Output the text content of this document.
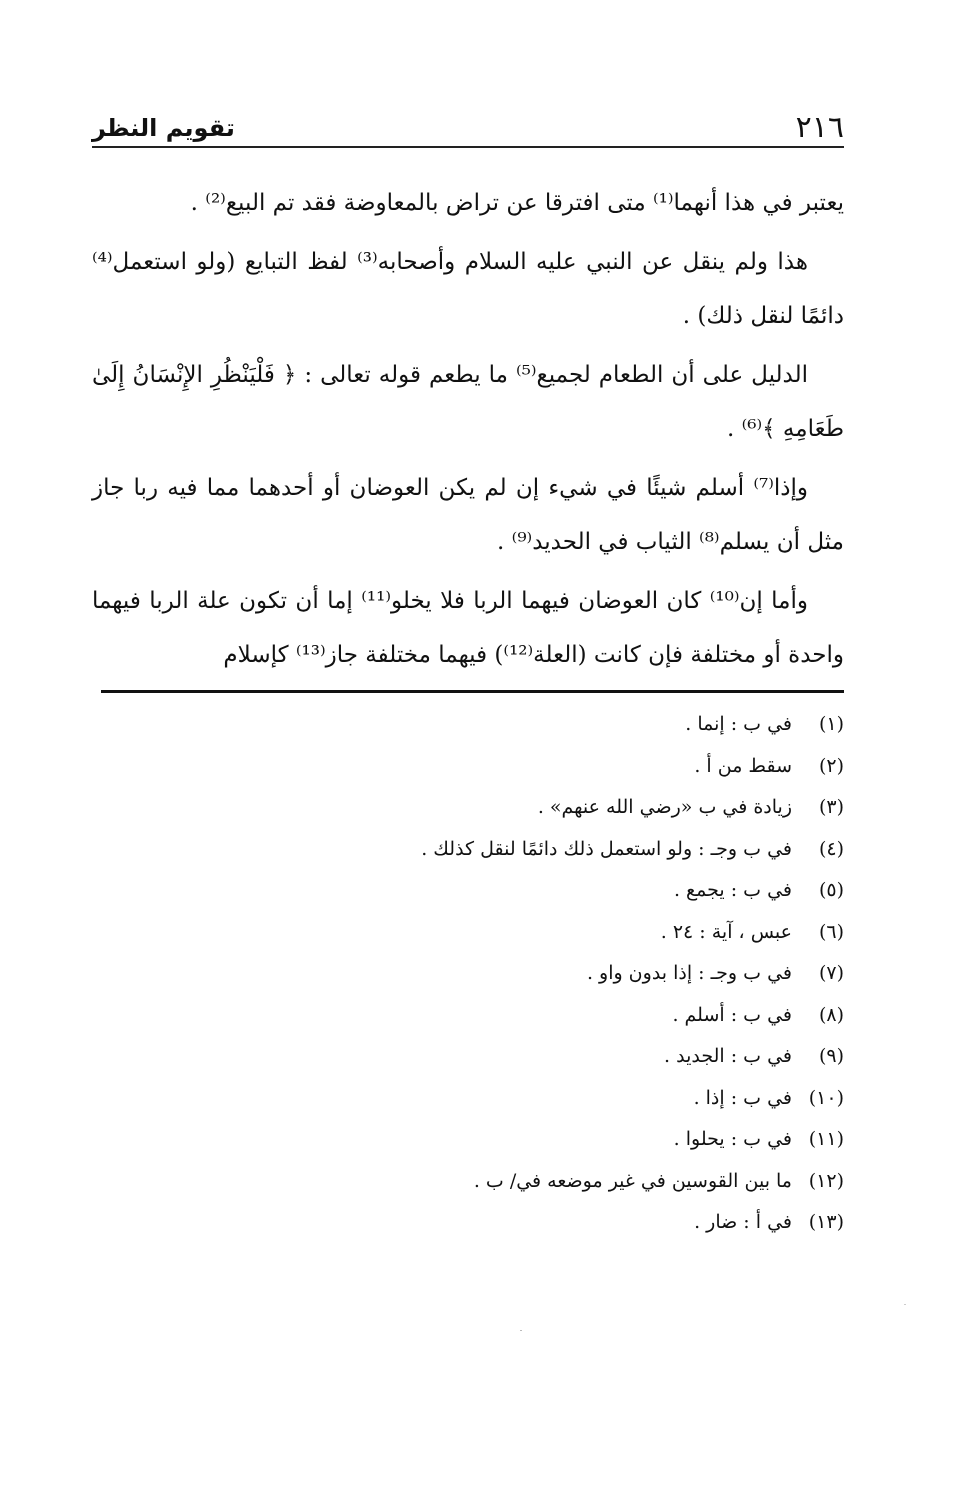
٢١٦
تقويم النظر

يعتبر في هذا أنهما⁽¹⁾ متى افترقا عن تراض بالمعاوضة فقد تم البيع⁽²⁾ .

هذا ولم ينقل عن النبي عليه السلام وأصحابه⁽³⁾ لفظ التبايع (ولو استعمل⁽⁴⁾ دائمًا لنقل ذلك) .

الدليل على أن الطعام لجميع⁽⁵⁾ ما يطعم قوله تعالى : ﴿ فَلْيَنْظُرِ الإِنْسَانُ إِلَىٰ طَعَامِهِ ﴾⁽⁶⁾ .

وإذا⁽⁷⁾ أسلم شيئًا في شيء إن لم يكن العوضان أو أحدهما مما فيه ربا جاز مثل أن يسلم⁽⁸⁾ الثياب في الحديد⁽⁹⁾ .

وأما إن⁽¹⁰⁾ كان العوضان فيهما الربا فلا يخلو⁽¹¹⁾ إما أن تكون علة الربا فيهما واحدة أو مختلفة فإن كانت (العلة⁽¹²⁾) فيهما مختلفة جاز⁽¹³⁾ كإسلام

(١)
في ب : إنما .
(٢)
سقط من أ .
(٣)
زيادة في ب «رضي الله عنهم» .
(٤)
في ب وجـ : ولو استعمل ذلك دائمًا لنقل كذلك .
(٥)
في ب : يجمع .
(٦)
عبس ، آية : ٢٤ .
(٧)
في ب وجـ : إذا بدون واو .
(٨)
في ب : أسلم .
(٩)
في ب : الجديد .
(١٠)
في ب : إذا .
(١١)
في ب : يحلوا .
(١٢)
ما بين القوسين في غير موضعه في/ ب .
(١٣)
في أ : ضار .
